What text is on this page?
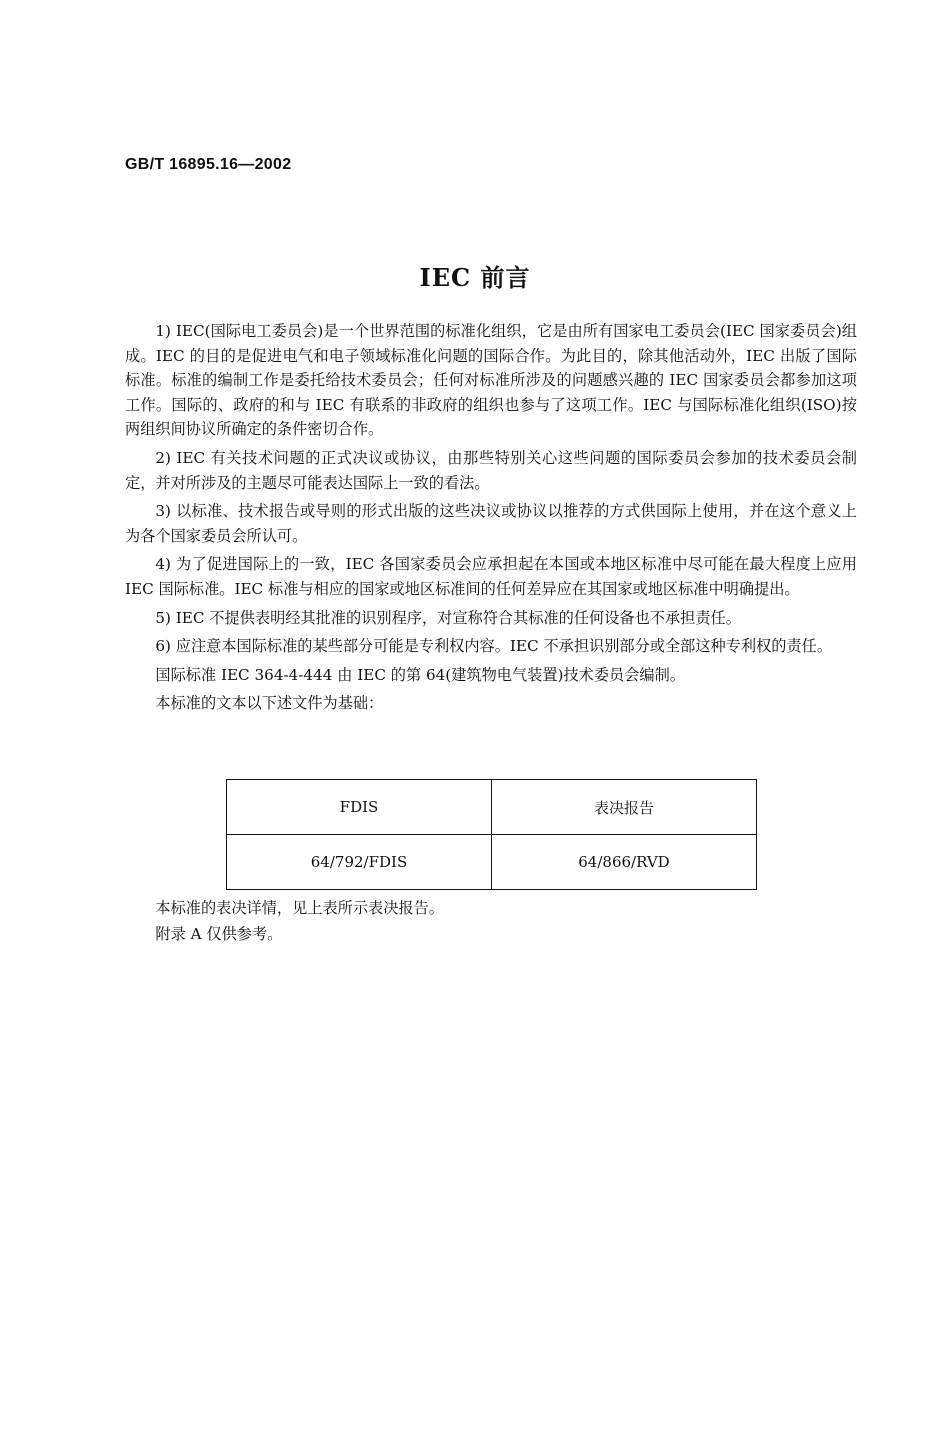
GB/T 16895.16—2002
IEC 前言

1) IEC(国际电工委员会)是一个世界范围的标准化组织，它是由所有国家电工委员会(IEC 国家委员会)组成。IEC 的目的是促进电气和电子领域标准化问题的国际合作。为此目的，除其他活动外，IEC 出版了国际标准。标准的编制工作是委托给技术委员会；任何对标准所涉及的问题感兴趣的 IEC 国家委员会都参加这项工作。国际的、政府的和与 IEC 有联系的非政府的组织也参与了这项工作。IEC 与国际标准化组织(ISO)按两组织间协议所确定的条件密切合作。

2) IEC 有关技术问题的正式决议或协议，由那些特别关心这些问题的国际委员会参加的技术委员会制定，并对所涉及的主题尽可能表达国际上一致的看法。

3) 以标准、技术报告或导则的形式出版的这些决议或协议以推荐的方式供国际上使用，并在这个意义上为各个国家委员会所认可。

4) 为了促进国际上的一致，IEC 各国家委员会应承担起在本国或本地区标准中尽可能在最大程度上应用 IEC 国际标准。IEC 标准与相应的国家或地区标准间的任何差异应在其国家或地区标准中明确提出。

5) IEC 不提供表明经其批准的识别程序，对宣称符合其标准的任何设备也不承担责任。

6) 应注意本国际标准的某些部分可能是专利权内容。IEC 不承担识别部分或全部这种专利权的责任。

国际标准 IEC 364-4-444 由 IEC 的第 64(建筑物电气装置)技术委员会编制。

本标准的文本以下述文件为基础：

FDIS	表决报告
64/792/FDIS	64/866/RVD

本标准的表决详情，见上表所示表决报告。

附录 A 仅供参考。
